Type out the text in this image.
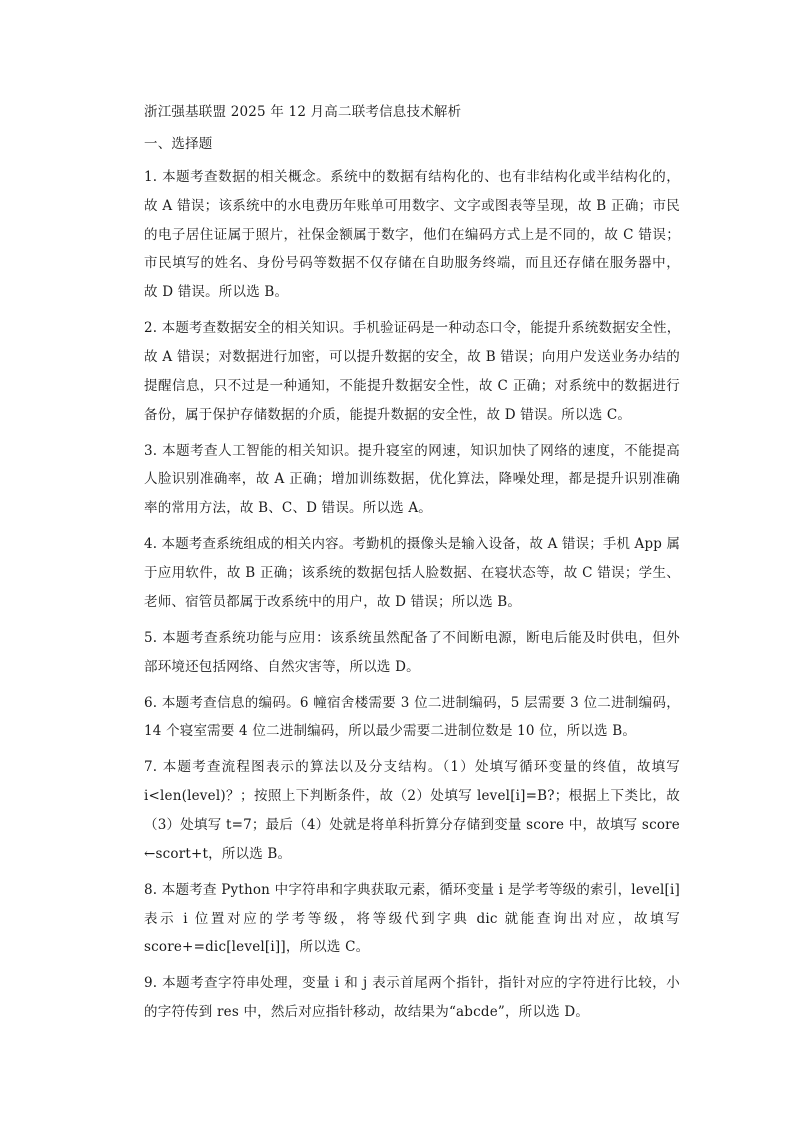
浙江强基联盟 2025 年 12 月高二联考信息技术解析
一、选择题
1. 本题考查数据的相关概念。系统中的数据有结构化的、也有非结构化或半结构化的，
故 A 错误；该系统中的水电费历年账单可用数字、文字或图表等呈现，故 B 正确；市民
的电子居住证属于照片，社保金额属于数字，他们在编码方式上是不同的，故 C 错误；
市民填写的姓名、身份号码等数据不仅存储在自助服务终端，而且还存储在服务器中，
故 D 错误。所以选 B。
2. 本题考查数据安全的相关知识。手机验证码是一种动态口令，能提升系统数据安全性，
故 A 错误；对数据进行加密，可以提升数据的安全，故 B 错误；向用户发送业务办结的
提醒信息，只不过是一种通知，不能提升数据安全性，故 C 正确；对系统中的数据进行
备份，属于保护存储数据的介质，能提升数据的安全性，故 D 错误。所以选 C。
3. 本题考查人工智能的相关知识。提升寝室的网速，知识加快了网络的速度，不能提高
人脸识别准确率，故 A 正确；增加训练数据，优化算法，降噪处理，都是提升识别准确
率的常用方法，故 B、C、D 错误。所以选 A。
4. 本题考查系统组成的相关内容。考勤机的摄像头是输入设备，故 A 错误；手机 App 属
于应用软件，故 B 正确；该系统的数据包括人脸数据、在寝状态等，故 C 错误；学生、
老师、宿管员都属于改系统中的用户，故 D 错误；所以选 B。
5. 本题考查系统功能与应用：该系统虽然配备了不间断电源，断电后能及时供电，但外
部环境还包括网络、自然灾害等，所以选 D。
6. 本题考查信息的编码。6 幢宿舍楼需要 3 位二进制编码，5 层需要 3 位二进制编码，
14 个寝室需要 4 位二进制编码，所以最少需要二进制位数是 10 位，所以选 B。
7. 本题考查流程图表示的算法以及分支结构。（1）处填写循环变量的终值，故填写
i<len(level)？；按照上下判断条件，故（2）处填写 level[i]=B?；根据上下类比，故
（3）处填写 t=7；最后（4）处就是将单科折算分存储到变量 score 中，故填写 score
←scort+t，所以选 B。
8. 本题考查 Python 中字符串和字典获取元素，循环变量 i 是学考等级的索引，level[i]
表示 i 位置对应的学考等级，将等级代到字典 dic 就能查询出对应，故填写
score+=dic[level[i]]，所以选 C。
9. 本题考查字符串处理，变量 i 和 j 表示首尾两个指针，指针对应的字符进行比较，小
的字符传到 res 中，然后对应指针移动，故结果为“abcde”，所以选 D。
